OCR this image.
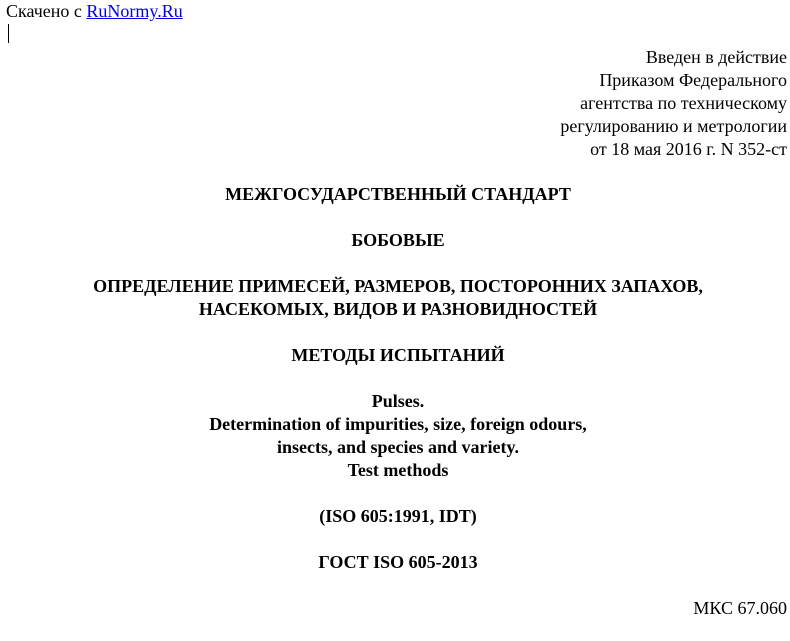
Скачено с RuNormy.Ru
Введен в действие
Приказом Федерального
агентства по техническому
регулированию и метрологии
от 18 мая 2016 г. N 352-ст
МЕЖГОСУДАРСТВЕННЫЙ СТАНДАРТ
БОБОВЫЕ
ОПРЕДЕЛЕНИЕ ПРИМЕСЕЙ, РАЗМЕРОВ, ПОСТОРОННИХ ЗАПАХОВ,
НАСЕКОМЫХ, ВИДОВ И РАЗНОВИДНОСТЕЙ
МЕТОДЫ ИСПЫТАНИЙ
Pulses.
Determination of impurities, size, foreign odours,
insects, and species and variety.
Test methods
(ISO 605:1991, IDT)
ГОСТ ISO 605-2013
МКС 67.060
